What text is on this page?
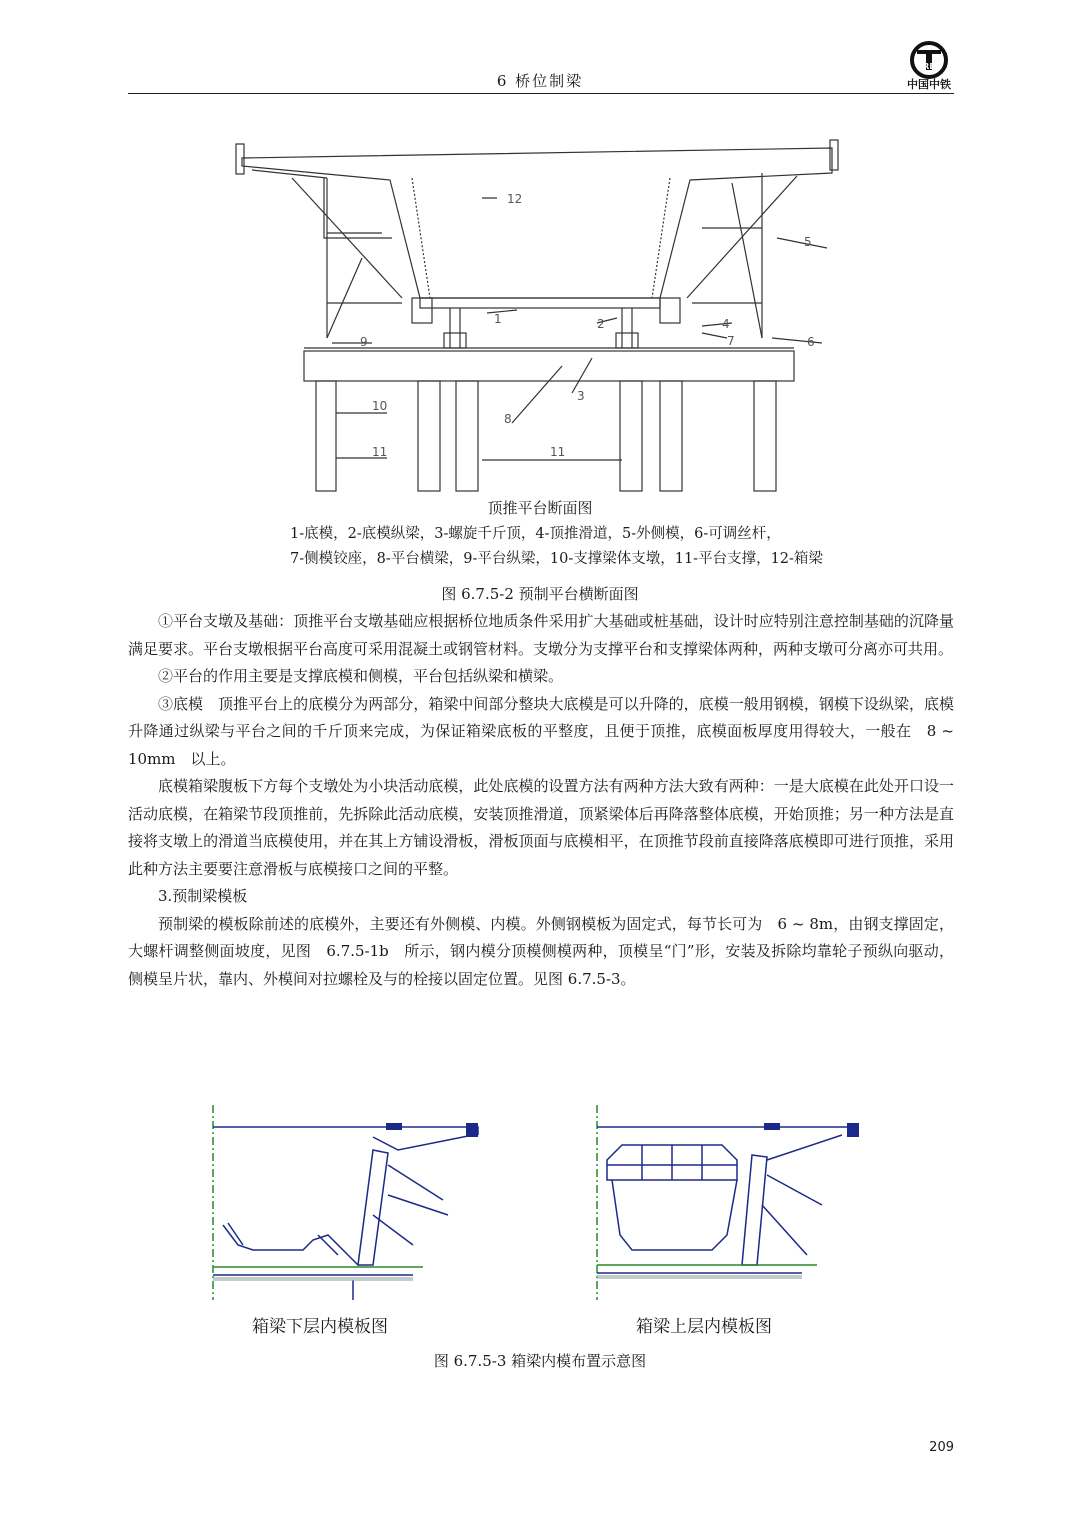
6 桥位制梁
CREC
中国中铁
12
5
1	2	4
7	6
9
3
8
10
11	11
顶推平台断面图
1-底模，2-底模纵梁，3-螺旋千斤顶，4-顶推滑道，5-外侧模，6-可调丝杆，
7-侧模铰座，8-平台横梁，9-平台纵梁，10-支撑梁体支墩，11-平台支撑，12-箱梁
图 6.7.5-2 预制平台横断面图

①平台支墩及基础：顶推平台支墩基础应根据桥位地质条件采用扩大基础或桩基础，设计时应特别注意控制基础的沉降量满足要求。平台支墩根据平台高度可采用混凝土或钢管材料。支墩分为支撑平台和支撑梁体两种，两种支墩可分离亦可共用。

②平台的作用主要是支撑底模和侧模，平台包括纵梁和横梁。

③底模　顶推平台上的底模分为两部分，箱梁中间部分整块大底模是可以升降的，底模一般用钢模，钢模下设纵梁，底模升降通过纵梁与平台之间的千斤顶来完成，为保证箱梁底板的平整度，且便于顶推，底模面板厚度用得较大，一般在　8 ~ 10mm　以上。

底模箱梁腹板下方每个支墩处为小块活动底模，此处底模的设置方法有两种方法大致有两种：一是大底模在此处开口设一活动底模，在箱梁节段顶推前，先拆除此活动底模，安装顶推滑道，顶紧梁体后再降落整体底模，开始顶推；另一种方法是直接将支墩上的滑道当底模使用，并在其上方铺设滑板，滑板顶面与底模相平，在顶推节段前直接降落底模即可进行顶推，采用此种方法主要要注意滑板与底模接口之间的平整。

3.预制梁模板

预制梁的模板除前述的底模外，主要还有外侧模、内模。外侧钢模板为固定式，每节长可为　6 ~ 8m，由钢支撑固定，大螺杆调整侧面坡度，见图　6.7.5-1b　所示，钢内模分顶模侧模两种，顶模呈“门”形，安装及拆除均靠轮子预纵向驱动，侧模呈片状，靠内、外模间对拉螺栓及与的栓接以固定位置。见图 6.7.5-3。

箱梁下层内模板图	箱梁上层内模板图
图 6.7.5-3 箱梁内模布置示意图
209
